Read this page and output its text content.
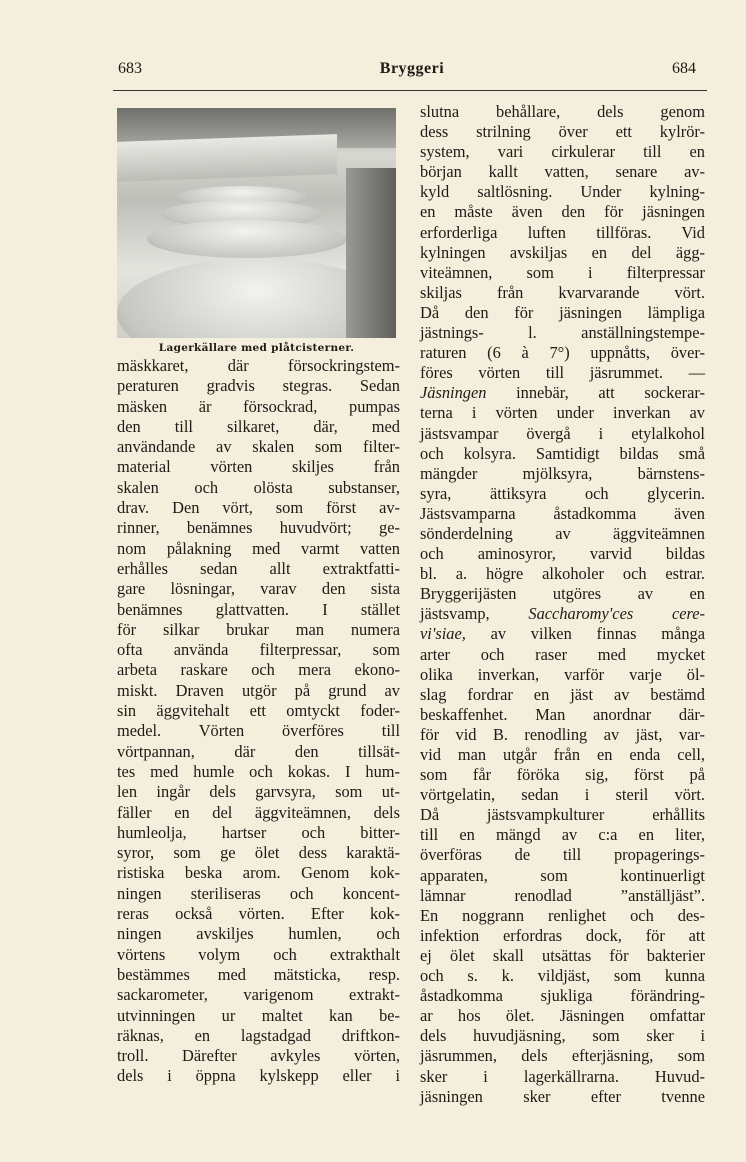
683	Bryggeri	684
Lagerkällare med plåtcisterner.
mäskkaret, där försockringstem-
peraturen gradvis stegras. Sedan
mäsken är försockrad, pumpas
den till silkaret, där, med
användande av skalen som filter-
material vörten skiljes från
skalen och olösta substanser,
drav. Den vört, som först av-
rinner, benämnes huvudvört; ge-
nom pålakning med varmt vatten
erhålles sedan allt extraktfatti-
gare lösningar, varav den sista
benämnes glattvatten. I stället
för silkar brukar man numera
ofta använda filterpressar, som
arbeta raskare och mera ekono-
miskt. Draven utgör på grund av
sin äggvitehalt ett omtyckt foder-
medel. Vörten överföres till
vörtpannan, där den tillsät-
tes med humle och kokas. I hum-
len ingår dels garvsyra, som ut-
fäller en del äggviteämnen, dels
humleolja, hartser och bitter-
syror, som ge ölet dess karaktä-
ristiska beska arom. Genom kok-
ningen steriliseras och koncent-
reras också vörten. Efter kok-
ningen avskiljes humlen, och
vörtens volym och extrakthalt
bestämmes med mätsticka, resp.
sackarometer, varigenom extrakt-
utvinningen ur maltet kan be-
räknas, en lagstadgad driftkon-
troll. Därefter avkyles vörten,
dels i öppna kylskepp eller i
slutna behållare, dels genom
dess strilning över ett kylrör-
system, vari cirkulerar till en
början kallt vatten, senare av-
kyld saltlösning. Under kylning-
en måste även den för jäsningen
erforderliga luften tillföras. Vid
kylningen avskiljas en del ägg-
viteämnen, som i filterpressar
skiljas från kvarvarande vört.
Då den för jäsningen lämpliga
jästnings- l. anställningstempe-
raturen (6 à 7°) uppnåtts, över-
föres vörten till jäsrummet. —
Jäsningen innebär, att sockerar-
terna i vörten under inverkan av
jästsvampar övergå i etylalkohol
och kolsyra. Samtidigt bildas små
mängder mjölksyra, bärnstens-
syra, ättiksyra och glycerin.
Jästsvamparna åstadkomma även
sönderdelning av äggviteämnen
och aminosyror, varvid bildas
bl. a. högre alkoholer och estrar.
Bryggerijästen utgöres av en
jästsvamp, Saccharomy'ces cere-
vi'siae, av vilken finnas många
arter och raser med mycket
olika inverkan, varför varje öl-
slag fordrar en jäst av bestämd
beskaffenhet. Man anordnar där-
för vid B. renodling av jäst, var-
vid man utgår från en enda cell,
som får föröka sig, först på
vörtgelatin, sedan i steril vört.
Då jästsvampkulturer erhållits
till en mängd av c:a en liter,
överföras de till propagerings-
apparaten, som kontinuerligt
lämnar renodlad ”anställjäst”.
En noggrann renlighet och des-
infektion erfordras dock, för att
ej ölet skall utsättas för bakterier
och s. k. vildjäst, som kunna
åstadkomma sjukliga förändring-
ar hos ölet. Jäsningen omfattar
dels huvudjäsning, som sker i
jäsrummen, dels efterjäsning, som
sker i lagerkällrarna. Huvud-
jäsningen sker efter tvenne
